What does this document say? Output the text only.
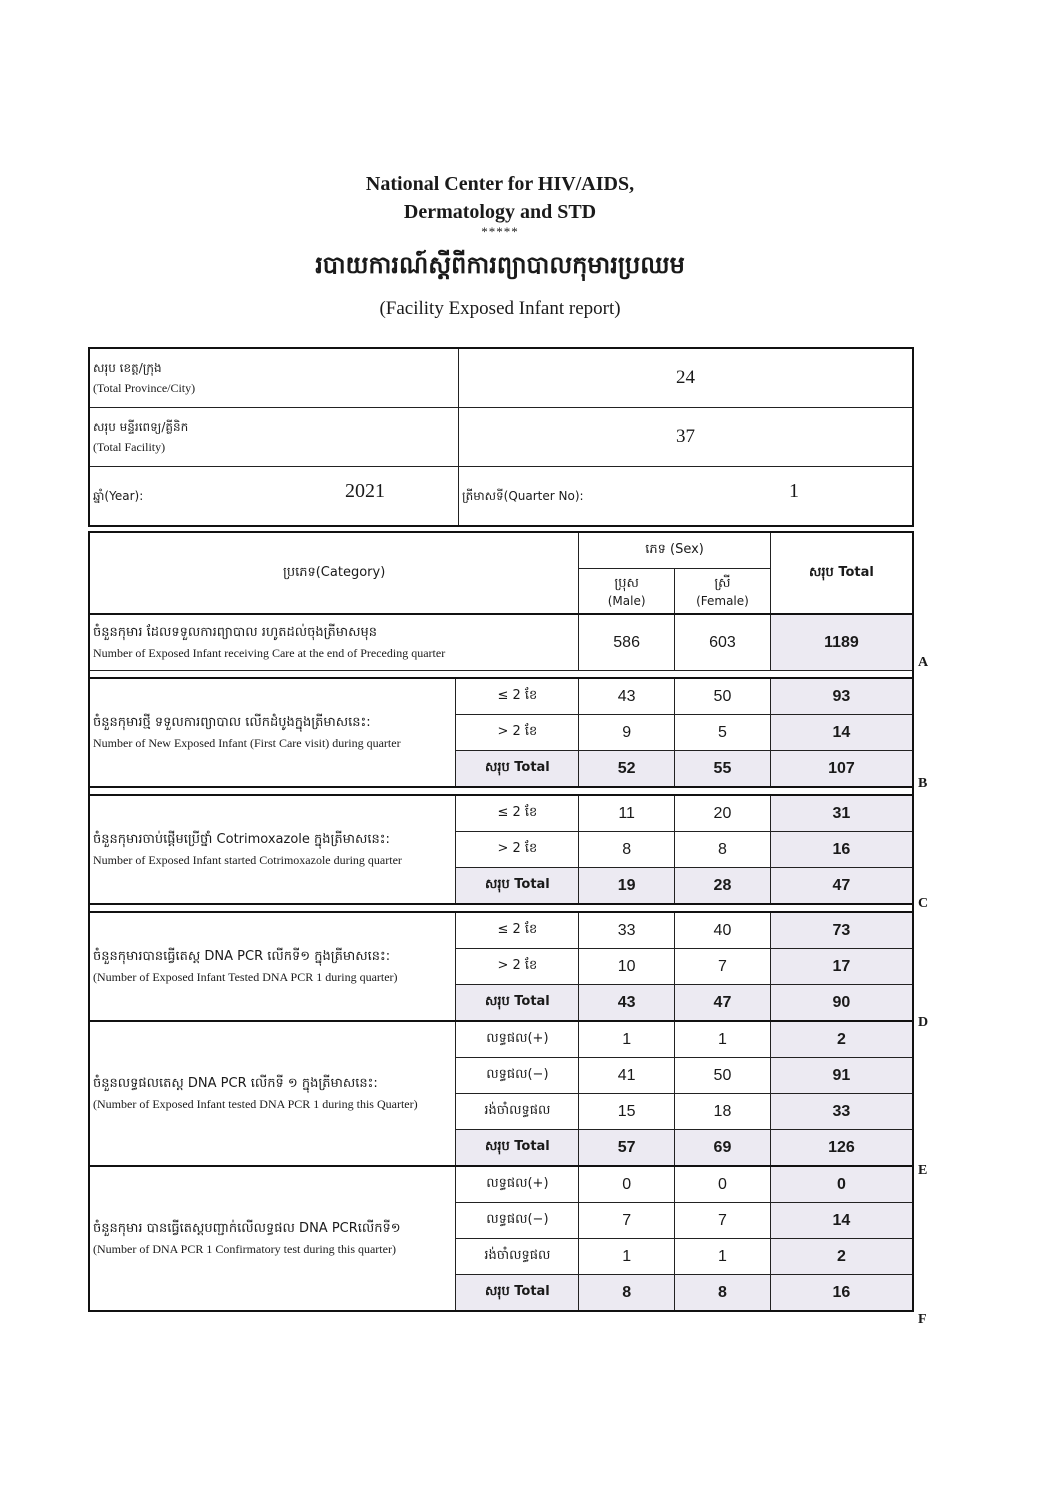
National Center for HIV/AIDS,
Dermatology and STD
*****
របាយការណ៍ស្ដីពីការព្យាបាលកុមារប្រឈម
(Facility Exposed Infant report)
សរុប ខេត្ត/ក្រុង
(Total Province/City)	24

សរុប មន្ទីរពេទ្យ/គ្លីនិក
(Total Facility)	37
ឆ្នាំ(Year): 2021	ត្រីមាសទី(Quarter No): 1
ប្រភេទ(Category)		ភេទ (Sex)		សរុប Total

ប្រុស
(Male)

ស្រី
(Female)

ចំនួនកុមារ ដែលទទួលការព្យាបាល រហូតដល់ចុងត្រីមាសមុន
Number of Exposed Infant receiving Care at the end of Preceding quarter		586	603	1189

ចំនួនកុមារថ្មី ទទួលការព្យាបាល លើកដំបូងក្នុងត្រីមាសនេះ:
Number of New Exposed Infant (First Care visit) during quarter	≤ 2 ខែ	43	50	93
	> 2 ខែ	9	5	14
	សរុប Total	52	55	107

ចំនួនកុមារចាប់ផ្ដើមប្រើថ្នាំ Cotrimoxazole ក្នុងត្រីមាសនេះ:
Number of Exposed Infant started Cotrimoxazole during quarter	≤ 2 ខែ	11	20	31
	> 2 ខែ	8	8	16
	សរុប Total	19	28	47

ចំនួនកុមារបានធ្វើតេស្ត DNA PCR លើកទី១ ក្នុងត្រីមាសនេះ:
(Number of Exposed Infant Tested DNA PCR 1 during quarter)	≤ 2 ខែ	33	40	73
	> 2 ខែ	10	7	17
	សរុប Total	43	47	90

ចំនួនលទ្ធផលតេស្ត DNA PCR លើកទី ១ ក្នុងត្រីមាសនេះ:
(Number of Exposed Infant tested DNA PCR 1 during this Quarter)	លទ្ធផល(+)	1	1	2
	លទ្ធផល(−)	41	50	91
	រង់ចាំលទ្ធផល	15	18	33
	សរុប Total	57	69	126

ចំនួនកុមារ បានធ្វើតេស្តបញ្ជាក់លើលទ្ធផល DNA PCRលើកទី១
(Number of DNA PCR 1 Confirmatory test during this quarter)	លទ្ធផល(+)	0	0	0
	លទ្ធផល(−)	7	7	14
	រង់ចាំលទ្ធផល	1	1	2
	សរុប Total	8	8	16
A
B
C
D
E
F
